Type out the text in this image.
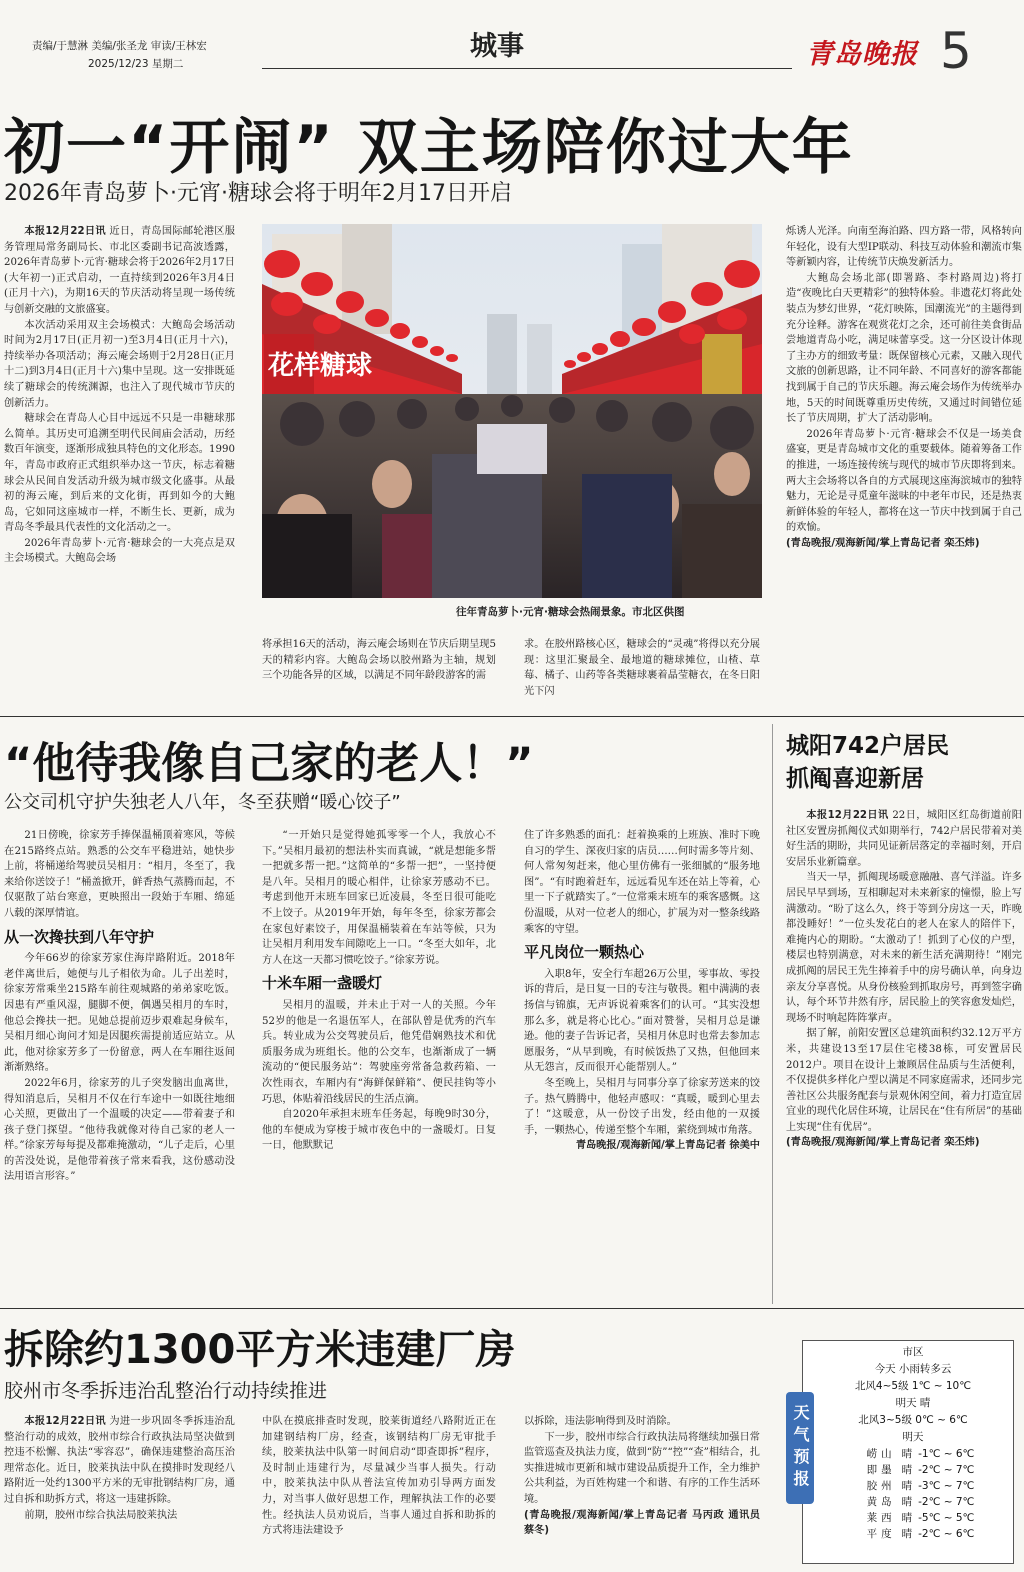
责编/于慧淋 美编/张圣龙 审读/王林宏
2025/12/23 星期二
城事	青岛晚报 5
初一“开闹” 双主场陪你过大年
2026年青岛萝卜·元宵·糖球会将于明年2月17日开启

本报12月22日讯 近日，青岛国际邮轮港区服务管理局常务副局长、市北区委副书记高波透露，2026年青岛萝卜·元宵·糖球会将于2026年2月17日(大年初一)正式启动，一直持续到2026年3月4日(正月十六)，为期16天的节庆活动将呈现一场传统与创新交融的文旅盛宴。

本次活动采用双主会场模式：大鲍岛会场活动时间为2月17日(正月初一)至3月4日(正月十六)，持续举办各项活动；海云庵会场则于2月28日(正月十二)到3月4日(正月十六)集中呈现。这一安排既延续了糖球会的传统渊源，也注入了现代城市节庆的创新活力。

糖球会在青岛人心目中远远不只是一串糖球那么简单。其历史可追溯至明代民间庙会活动，历经数百年演变，逐渐形成独具特色的文化形态。1990年，青岛市政府正式组织举办这一节庆，标志着糖球会从民间自发活动升级为城市级文化盛事。从最初的海云庵，到后来的文化街，再到如今的大鲍岛，它如同这座城市一样，不断生长、更新，成为青岛冬季最具代表性的文化活动之一。

2026年青岛萝卜·元宵·糖球会的一大亮点是双主会场模式。大鲍岛会场

花样糖球
往年青岛萝卜·元宵·糖球会热闹景象。市北区供图

将承担16天的活动，海云庵会场则在节庆后期呈现5天的精彩内容。大鲍岛会场以胶州路为主轴，规划三个功能各异的区域，以满足不同年龄段游客的需

求。在胶州路核心区，糖球会的“灵魂”将得以充分展现：这里汇聚最全、最地道的糖球摊位，山楂、草莓、橘子、山药等各类糖球裹着晶莹糖衣，在冬日阳光下闪

烁诱人光泽。向南至海泊路、四方路一带，风格转向年轻化，设有大型IP联动、科技互动体验和潮流市集等新颖内容，让传统节庆焕发新活力。

大鲍岛会场北部(即署路、李村路周边)将打造“夜晚比白天更精彩”的独特体验。非遗花灯将此处装点为梦幻世界，“花灯映陈，国潮流光”的主题得到充分诠释。游客在观赏花灯之余，还可前往美食街品尝地道青岛小吃，满足味蕾享受。这一分区设计体现了主办方的细致考量：既保留核心元素，又融入现代文旅的创新思路，让不同年龄、不同喜好的游客都能找到属于自己的节庆乐趣。海云庵会场作为传统举办地，5天的时间既尊重历史传统，又通过时间错位延长了节庆周期，扩大了活动影响。

2026年青岛萝卜·元宵·糖球会不仅是一场美食盛宴，更是青岛城市文化的重要载体。随着筹备工作的推进，一场连接传统与现代的城市节庆即将到来。两大主会场将以各自的方式展现这座海滨城市的独特魅力，无论是寻觅童年滋味的中老年市民，还是热衷新鲜体验的年轻人，都将在这一节庆中找到属于自己的欢愉。

(青岛晚报/观海新闻/掌上青岛记者 栾丕炜)

“他待我像自己家的老人！”
公交司机守护失独老人八年，冬至获赠“暖心饺子”

21日傍晚，徐家芳手捧保温桶顶着寒风，等候在215路终点站。熟悉的公交车平稳进站，她快步上前，将桶递给驾驶员吴相月：“相月，冬至了，我来给你送饺子！”桶盖掀开，鲜香热气蒸腾而起，不仅驱散了站台寒意，更映照出一段始于车厢、绵延八载的深厚情谊。

从一次搀扶到八年守护

今年66岁的徐家芳家住海岸路附近。2018年老伴离世后，她便与儿子相依为命。儿子出差时，徐家芳常乘坐215路车前往观城路的弟弟家吃饭。因患有严重风湿，腿脚不便，偶遇吴相月的车时，他总会搀扶一把。见她总提前迈步艰难起身候车，吴相月细心询问才知是因腿疾需提前适应站立。从此，他对徐家芳多了一份留意，两人在车厢往返间渐渐熟络。

2022年6月，徐家芳的儿子突发脑出血离世，得知消息后，吴相月不仅在行车途中一如既往地细心关照，更做出了一个温暖的决定——带着妻子和孩子登门探望。“他待我就像对待自己家的老人一样。”徐家芳每每提及都难掩激动，“儿子走后，心里的苦没处说，是他带着孩子常来看我，这份感动没法用语言形容。”

“一开始只是觉得她孤零零一个人，我放心不下。”吴相月最初的想法朴实而真诚，“就是想能多帮一把就多帮一把。”这简单的“多帮一把”，一坚持便是八年。吴相月的暖心相伴，让徐家芳感动不已。考虑到他开末班车回家已近凌晨，冬至日很可能吃不上饺子。从2019年开始，每年冬至，徐家芳都会在家包好素饺子，用保温桶装着在车站等候，只为让吴相月利用发车间隙吃上一口。“冬至大如年，北方人在这一天都习惯吃饺子。”徐家芳说。

十米车厢一盏暖灯

吴相月的温暖，并未止于对一人的关照。今年52岁的他是一名退伍军人，在部队曾是优秀的汽车兵。转业成为公交驾驶员后，他凭借娴熟技术和优质服务成为班组长。他的公交车，也渐渐成了一辆流动的“便民服务站”：驾驶座旁常备急救药箱、一次性雨衣，车厢内有“海鲜保鲜箱”、便民挂钩等小巧思，体贴着沿线居民的生活点滴。

自2020年承担末班车任务起，每晚9时30分，他的车便成为穿梭于城市夜色中的一盏暖灯。日复一日，他默默记

住了许多熟悉的面孔：赶着换乘的上班族、准时下晚自习的学生、深夜归家的店员……何时需多等片刻、何人常匆匆赶来，他心里仿佛有一张细腻的“服务地图”。“有时跑着赶车，远远看见车还在站上等着，心里一下子就踏实了。”一位常乘末班车的乘客感慨。这份温暖，从对一位老人的细心，扩展为对一整条线路乘客的守望。

平凡岗位一颗热心

入职8年，安全行车超26万公里，零事故、零投诉的背后，是日复一日的专注与敬畏。粗中满满的表扬信与锦旗，无声诉说着乘客们的认可。“其实没想那么多，就是将心比心。”面对赞誉，吴相月总是谦逊。他的妻子告诉记者，吴相月休息时也常去参加志愿服务，“从早到晚，有时候饭热了又热，但他回来从无怨言，反而很开心能帮别人。”

冬至晚上，吴相月与同事分享了徐家芳送来的饺子。热气腾腾中，他轻声感叹：“真暖，暖到心里去了！”这暖意，从一份饺子出发，经由他的一双援手，一颗热心，传递至整个车厢，萦绕到城市角落。

青岛晚报/观海新闻/掌上青岛记者 徐美中

城阳742户居民
抓阄喜迎新居

本报12月22日讯 22日，城阳区红岛街道前阳社区安置房抓阄仪式如期举行，742户居民带着对美好生活的期盼，共同见证新居落定的幸福时刻，开启安居乐业新篇章。

当天一早，抓阄现场暖意融融、喜气洋溢。许多居民早早到场，互相聊起对未来新家的憧憬，脸上写满激动。“盼了这么久，终于等到分房这一天，昨晚都没睡好！”一位头发花白的老人在家人的陪伴下，难掩内心的期盼。“太激动了！抓到了心仪的户型，楼层也特别满意，对未来的新生活充满期待！”刚完成抓阄的居民王先生捧着手中的房号确认单，向身边亲友分享喜悦。从身份核验到抓取房号，再到签字确认，每个环节井然有序，居民脸上的笑容愈发灿烂，现场不时响起阵阵掌声。

据了解，前阳安置区总建筑面积约32.12万平方米，共建设13至17层住宅楼38栋，可安置居民2012户。项目在设计上兼顾居住品质与生活便利，不仅提供多样化户型以满足不同家庭需求，还同步完善社区公共服务配套与景观休闲空间，着力打造宜居宜业的现代化居住环境，让居民在“住有所居”的基础上实现“住有优居”。

(青岛晚报/观海新闻/掌上青岛记者 栾丕炜)

拆除约1300平方米违建厂房
胶州市冬季拆违治乱整治行动持续推进

本报12月22日讯 为进一步巩固冬季拆违治乱整治行动的成效，胶州市综合行政执法局坚决做到控违不松懈、执法“零容忍”，确保违建整治高压治理常态化。近日，胶莱执法中队在摸排时发现经八路附近一处约1300平方米的无审批钢结构厂房，通过自拆和助拆方式，将这一违建拆除。

前期，胶州市综合执法局胶莱执法

中队在摸底排查时发现，胶莱街道经八路附近正在加建钢结构厂房，经查，该钢结构厂房无审批手续，胶莱执法中队第一时间启动“即查即拆”程序，及时制止违建行为，尽量减少当事人损失。行动中，胶莱执法中队从普法宣传加劝引导两方面发力，对当事人做好思想工作，理解执法工作的必要性。经执法人员劝说后，当事人通过自拆和助拆的方式将违法建设予

以拆除，违法影响得到及时消除。

下一步，胶州市综合行政执法局将继续加强日常监管巡查及执法力度，做到“防”“控”“查”相结合，扎实推进城市更新和城市建设品质提升工作，全力维护公共利益，为百姓构建一个和谐、有序的工作生活环境。

(青岛晚报/观海新闻/掌上青岛记者 马丙政 通讯员 蔡冬)

天气预报
市区
今天 小雨转多云
北风4~5级 1℃ ~ 10℃
明天 晴
北风3~5级 0℃ ~ 6℃
明天
崂山 晴 -1℃ ~ 6℃
即墨 晴 -2℃ ~ 7℃
胶州 晴 -3℃ ~ 7℃
黄岛 晴 -2℃ ~ 7℃
莱西 晴 -5℃ ~ 5℃
平度 晴 -2℃ ~ 6℃
